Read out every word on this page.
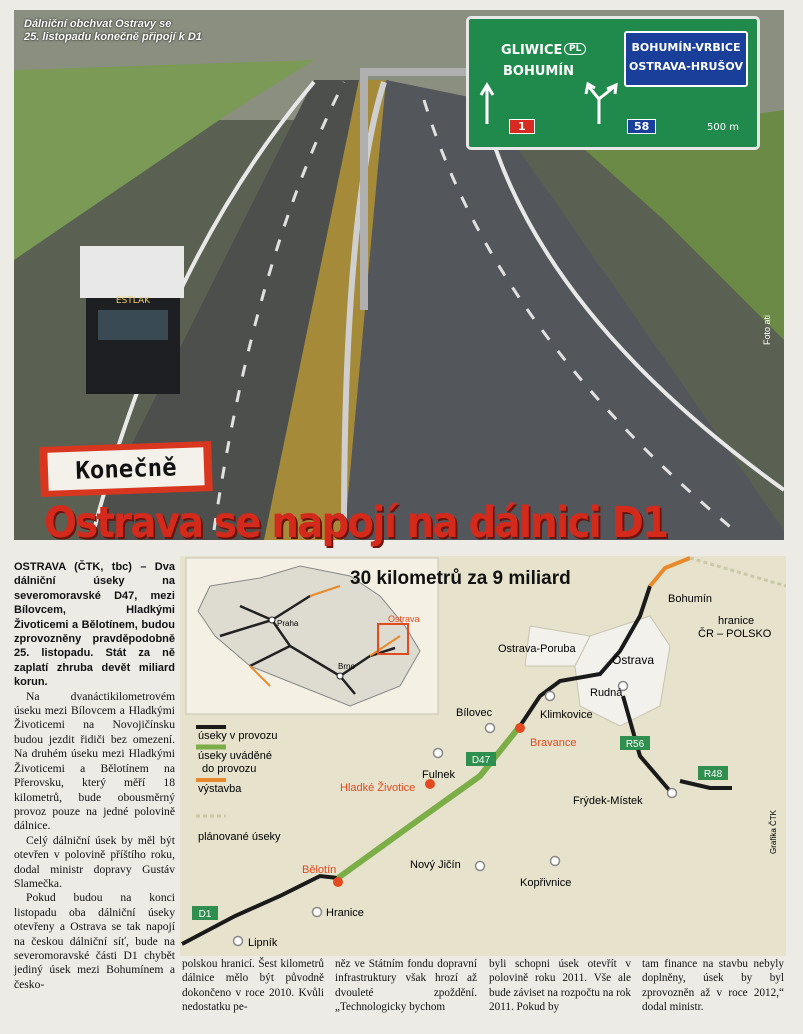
ESTLAK
Dálniční obchvat Ostravy se
25. listopadu konečně připojí k D1
Foto ati
GLIWICE PL
BOHUMÍN
BOHUMÍN-VRBICE
OSTRAVA-HRUŠOV
1	58	500 m
Konečně
Ostrava se napojí na dálnici D1

OSTRAVA (ČTK, tbc) – Dva dálniční úseky na severomoravské D47, mezi Bílovcem, Hladkými Životicemi a Bělotínem, budou zprovozněny pravděpodobně 25. listopadu. Stát za ně zaplatí zhruba devět miliard korun.

Na dvanáctikilometrovém úseku mezi Bílovcem a Hladkými Životicemi na Novojičínsku budou jezdit řidiči bez omezení. Na druhém úseku mezi Hladkými Životicemi a Bělotínem na Přerovsku, který měří 18 kilometrů, bude obousměrný provoz pouze na jedné polovině dálnice.

Celý dálniční úsek by měl být otevřen v polovině příštího roku, dodal ministr dopravy Gustáv Slamečka.

Pokud budou na konci listopadu oba dálniční úseky otevřeny a Ostrava se tak napojí na českou dálniční síť, bude na severomoravské části D1 chybět jediný úsek mezi Bohumínem a česko-

Praha
Brno
Ostrava
30 kilometrů za 9 miliard
úseky v provozu
úseky uváděné
do provozu
výstavba
plánované úseky
Bohumín
hranice
ČR – POLSKO
Ostrava-Poruba
Ostrava
Rudná
Bílovec	Klimkovice
Bravance
Fulnek
Frýdek-Místek
Hladké Životice
Bělotín	Nový Jičín
Kopřivnice
Hranice
Lipník
D1
D47
R56
R48
Grafika ČTK
polskou hranicí. Šest kilometrů dálnice mělo být původně dokončeno v roce 2010. Kvůli nedostatku pe-
něz ve Státním fondu dopravní infrastruktury však hrozí až dvouleté zpoždění. „Technologicky bychom
byli schopni úsek otevřít v polovině roku 2011. Vše ale bude záviset na rozpočtu na rok 2011. Pokud by
tam finance na stavbu nebyly doplněny, úsek by byl zprovozněn až v roce 2012,“ dodal ministr.
